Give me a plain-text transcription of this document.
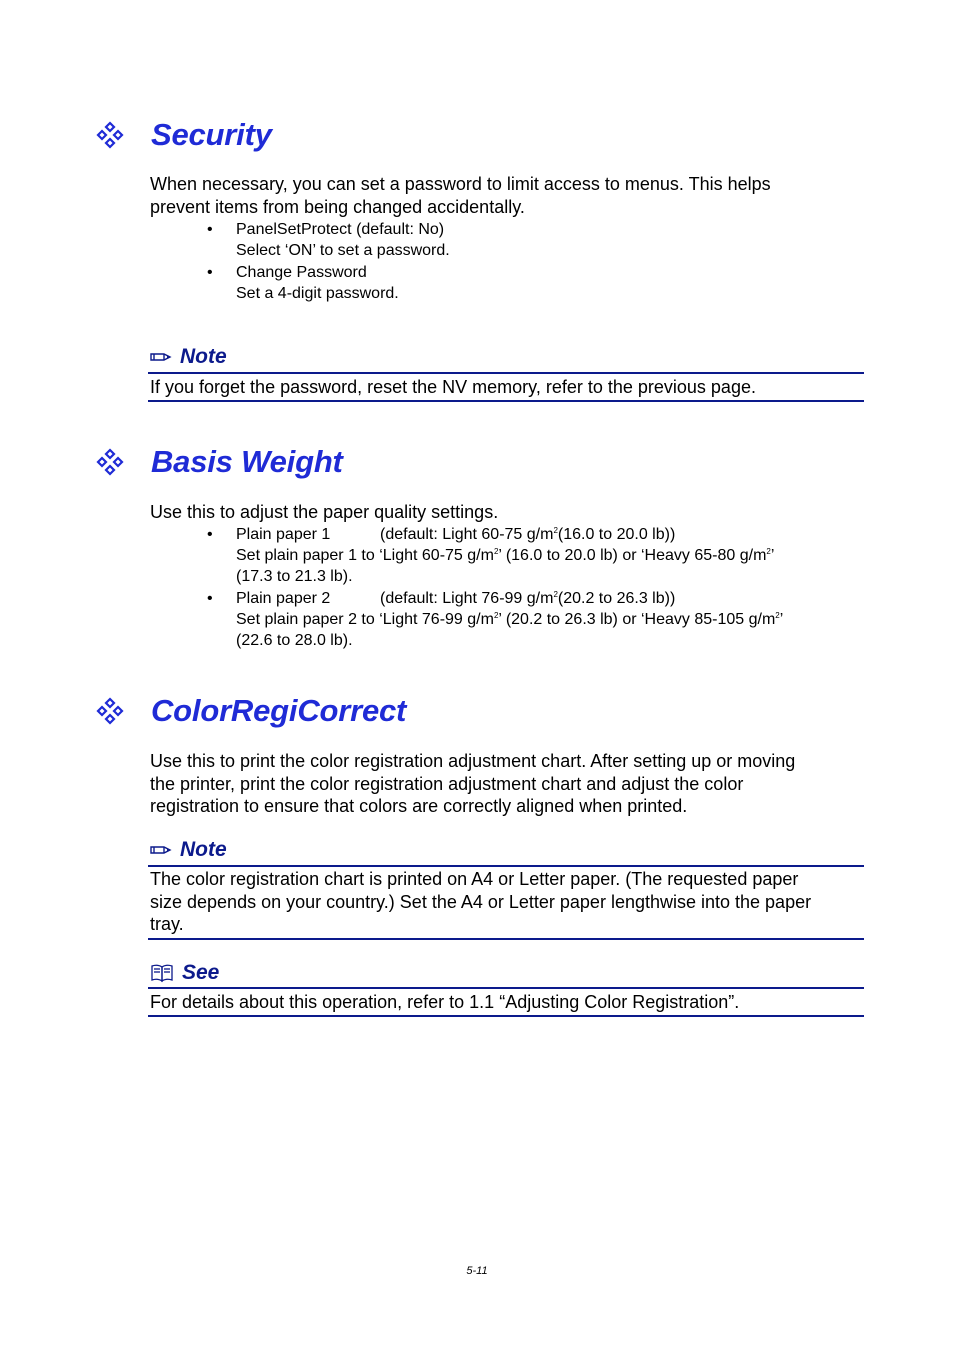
Security
When necessary, you can set a password to limit access to menus. This helps
prevent items from being changed accidentally.
• PanelSetProtect (default: No)
Select ‘ON’ to set a password.
• Change Password
Set a 4-digit password.
Note
If you forget the password, reset the NV memory, refer to the previous page.
Basis Weight
Use this to adjust the paper quality settings.
• Plain paper 1	(default: Light 60-75 $g/m^2(16.0$ to 20.0 lb))
Set plain paper 1 to ‘Light 60-75 $g/m^2$’ (16.0 to 20.0 lb) or ‘Heavy 65-80 $g/m^2$’
(17.3 to 21.3 lb).
• Plain paper 2	(default: Light 76-99 $g/m^2(20.2$ to 26.3 lb))
Set plain paper 2 to ‘Light 76-99 $g/m^2$’ (20.2 to 26.3 lb) or ‘Heavy 85-105 $g/m^2$’
(22.6 to 28.0 lb).
ColorRegiCorrect
Use this to print the color registration adjustment chart. After setting up or moving
the printer, print the color registration adjustment chart and adjust the color
registration to ensure that colors are correctly aligned when printed.
Note
The color registration chart is printed on A4 or Letter paper. (The requested paper
size depends on your country.) Set the A4 or Letter paper lengthwise into the paper
tray.
See
For details about this operation, refer to 1.1 “Adjusting Color Registration”.
5-11
